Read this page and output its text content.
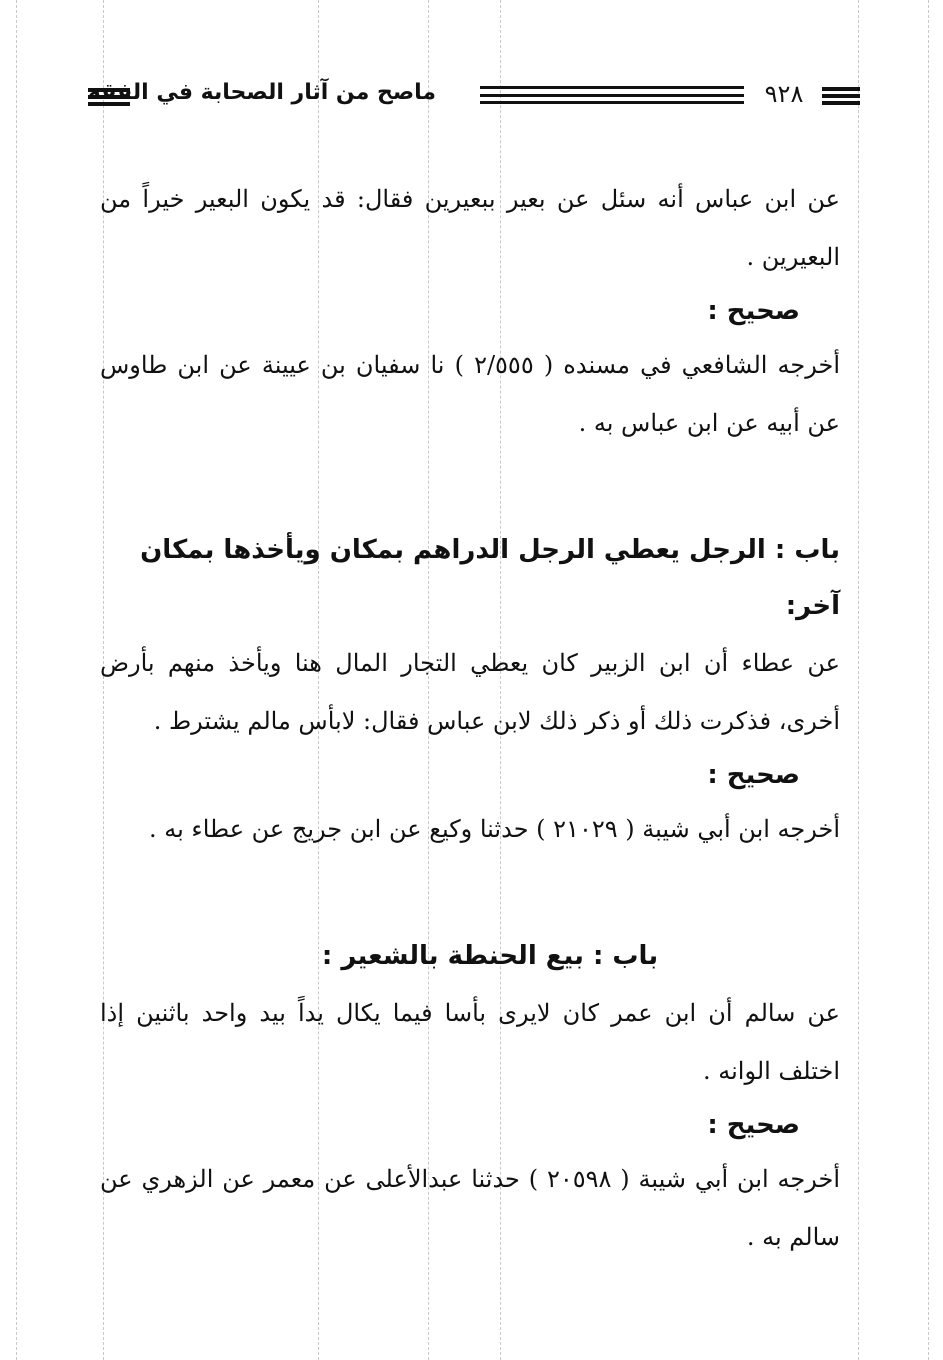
ماصح من آثار الصحابة في الفقه	٩٢٨

عن ابن عباس أنه سئل عن بعير ببعيرين فقال: قد يكون البعير خيراً من البعيرين .

صحيح :

أخرجه الشافعي في مسنده ( ٢/٥٥٥ ) نا سفيان بن عيينة عن ابن طاوس عن أبيه عن ابن عباس به .

باب : الرجل يعطي الرجل الدراهم بمكان ويأخذها بمكان آخر:

عن عطاء أن ابن الزبير كان يعطي التجار المال هنا ويأخذ منهم بأرض أخرى، فذكرت ذلك أو ذكر ذلك لابن عباس فقال: لابأس مالم يشترط .

صحيح :

أخرجه ابن أبي شيبة ( ٢١٠٢٩ ) حدثنا وكيع عن ابن جريج عن عطاء به .

باب : بيع الحنطة بالشعير :

عن سالم أن ابن عمر كان لايرى بأسا فيما يكال يداً بيد واحد باثنين إذا اختلف الوانه .

صحيح :

أخرجه ابن أبي شيبة ( ٢٠٥٩٨ ) حدثنا عبدالأعلى عن معمر عن الزهري عن سالم به .
